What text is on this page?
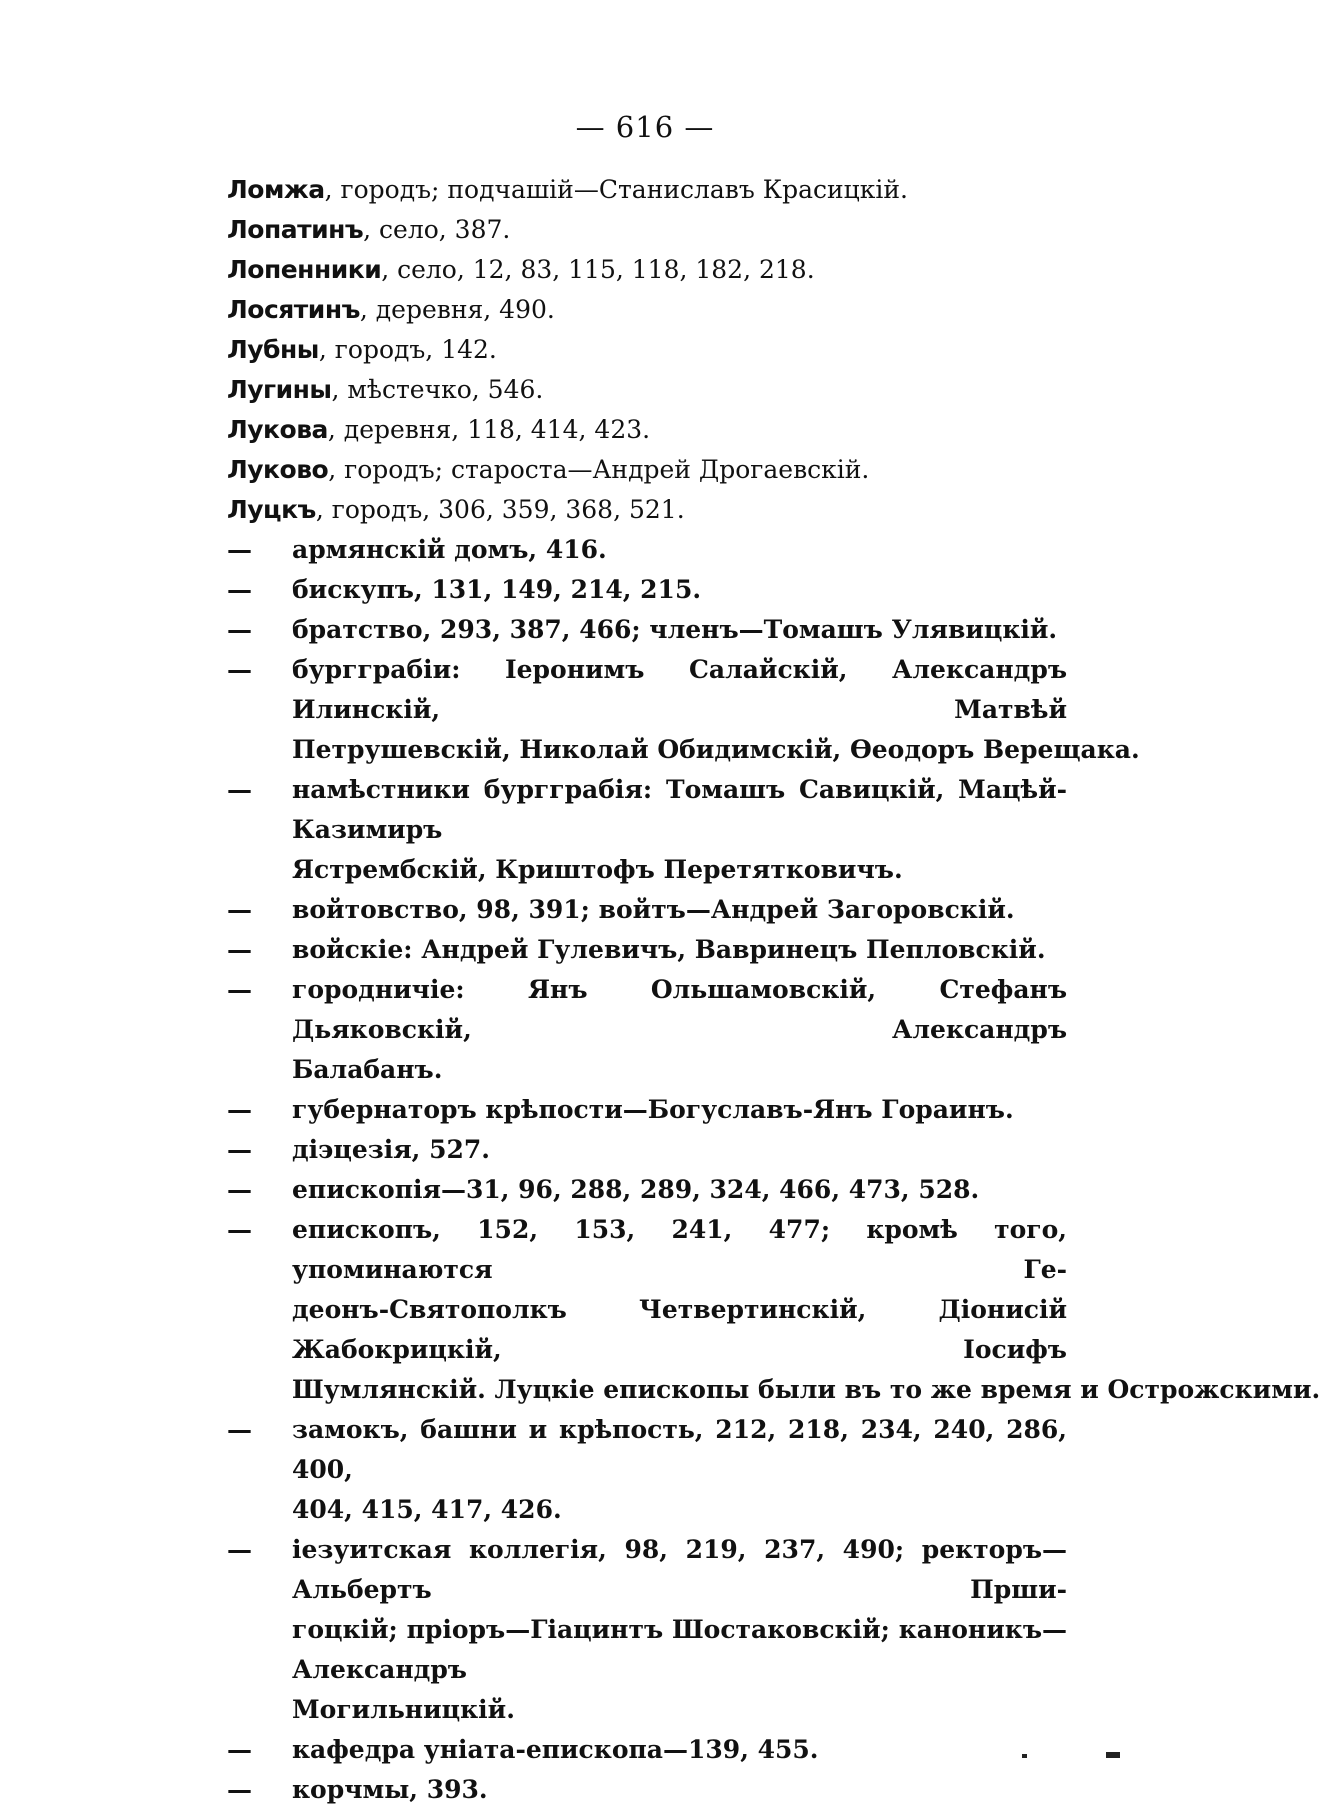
— 616 —
Ломжа, городъ; подчашій—Станиславъ Красицкій.
Лопатинъ, село, 387.
Лопенники, село, 12, 83, 115, 118, 182, 218.
Лосятинъ, деревня, 490.
Лубны, городъ, 142.
Лугины, мѣстечко, 546.
Лукова, деревня, 118, 414, 423.
Луково, городъ; староста—Андрей Дрогаевскій.
Луцкъ, городъ, 306, 359, 368, 521.
— армянскій домъ, 416.
— бискупъ, 131, 149, 214, 215.
— братство, 293, 387, 466; членъ—Томашъ Улявицкій.
— бургграбіи: Іеронимъ Салайскій, Александръ Илинскій, Матвѣй
Петрушевскій, Николай Обидимскій, Ѳеодоръ Верещака.
— намѣстники бургграбія: Томашъ Савицкій, Мацѣй-Казимиръ
Ястрембскій, Криштофъ Перетятковичъ.
— войтовство, 98, 391; войтъ—Андрей Загоровскій.
— войскіе: Андрей Гулевичъ, Вавринецъ Пепловскій.
— городничіе: Янъ Ольшамовскій, Стефанъ Дьяковскій, Александръ
Балабанъ.
— губернаторъ крѣпости—Богуславъ-Янъ Гораинъ.
— діэцезія, 527.
— епископія—31, 96, 288, 289, 324, 466, 473, 528.
— епископъ, 152, 153, 241, 477; кромѣ того, упоминаются Ге-
деонъ-Святополкъ Четвертинскій, Діонисій Жабокрицкій, Іосифъ
Шумлянскій. Луцкіе епископы были въ то же время и Острожскими.
— замокъ, башни и крѣпость, 212, 218, 234, 240, 286, 400,
404, 415, 417, 426.
— іезуитская коллегія, 98, 219, 237, 490; ректоръ—Альбертъ Прши-
гоцкій; пріоръ—Гіацинтъ Шостаковскій; каноникъ—Александръ
Могильницкій.
— кафедра уніата-епископа—139, 455.
— корчмы, 393.
